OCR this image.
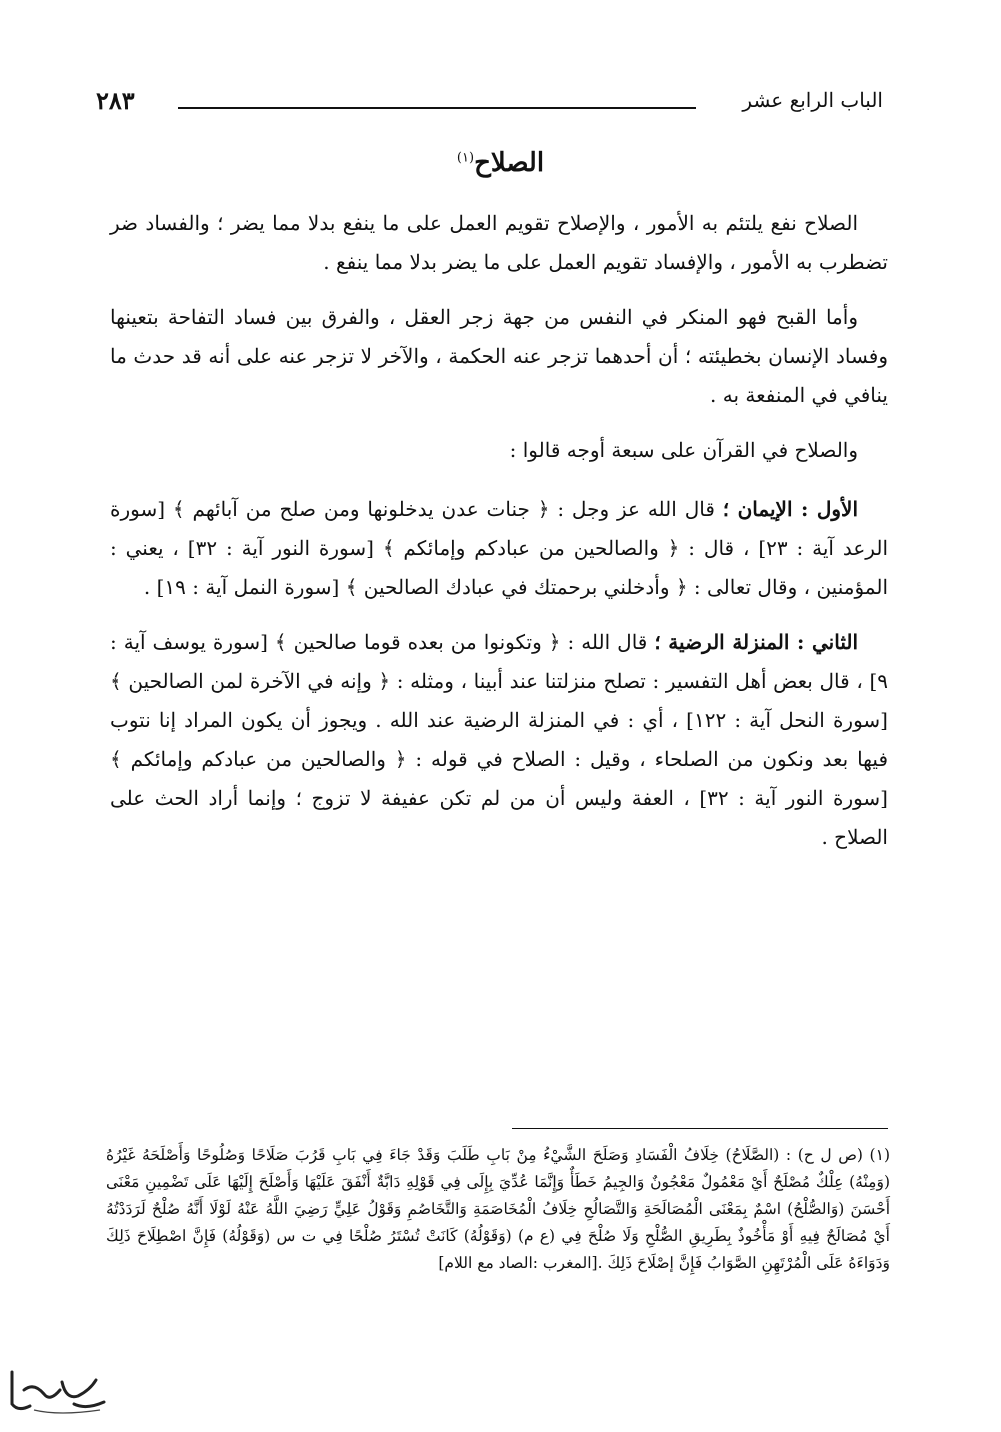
الباب الرابع عشر
٢٨٣
الصلاح$^{(١)}$

الصلاح نفع يلتئم به الأمور ، والإصلاح تقويم العمل على ما ينفع بدلا مما يضر ؛ والفساد ضر تضطرب به الأمور ، والإفساد تقويم العمل على ما يضر بدلا مما ينفع .

وأما القبح فهو المنكر في النفس من جهة زجر العقل ، والفرق بين فساد التفاحة بتعينها وفساد الإنسان بخطيئته ؛ أن أحدهما تزجر عنه الحكمة ، والآخر لا تزجر عنه على أنه قد حدث ما ينافي في المنفعة به .

والصلاح في القرآن على سبعة أوجه قالوا :

الأول : الإيمان ؛ قال الله عز وجل : ﴿ جنات عدن يدخلونها ومن صلح من آبائهم ﴾ [سورة الرعد آية : ٢٣] ، قال : ﴿ والصالحين من عبادكم وإمائكم ﴾ [سورة النور آية : ٣٢] ، يعني : المؤمنين ، وقال تعالى : ﴿ وأدخلني برحمتك في عبادك الصالحين ﴾ [سورة النمل آية : ١٩] .

الثاني : المنزلة الرضية ؛ قال الله : ﴿ وتكونوا من بعده قوما صالحين ﴾ [سورة يوسف آية : ٩] ، قال بعض أهل التفسير : تصلح منزلتنا عند أبينا ، ومثله : ﴿ وإنه في الآخرة لمن الصالحين ﴾ [سورة النحل آية : ١٢٢] ، أي : في المنزلة الرضية عند الله . ويجوز أن يكون المراد إنا نتوب فيها بعد ونكون من الصلحاء ، وقيل : الصلاح في قوله : ﴿ والصالحين من عبادكم وإمائكم ﴾ [سورة النور آية : ٣٢] ، العفة وليس أن من لم تكن عفيفة لا تزوج ؛ وإنما أراد الحث على الصلاح .

(١) (ص ل ح) : (الصَّلَاحُ) خِلَافُ الْفَسَادِ وَصَلَحَ الشَّيْءُ مِنْ بَابِ طَلَبَ وَقَدْ جَاءَ فِي بَابِ قَرُبَ صَلَاحًا وَصُلُوحًا وَأَصْلَحَهُ غَيْرُهُ (وَمِنْهُ) عِلْكٌ مُصْلَحٌ أَيْ مَعْمُولٌ مَعْجُونٌ وَالجِيمُ خَطَأٌ وَإِنَّمَا عُدِّيَ بِإِلَى فِي قَوْلِهِ دَابَّةٌ أَنْفَقَ عَلَيْهَا وَأَصْلَحَ إِلَيْهَا عَلَى تَضْمِينِ مَعْنَى أَحْسَنَ (وَالصُّلْحُ) اسْمٌ بِمَعْنَى الْمُصَالَحَةِ وَالتَّصَالُحِ خِلَافُ الْمُخَاصَمَةِ وَالتَّخَاصُمِ وَقَوْلُ عَلِيٍّ رَضِيَ اللَّهُ عَنْهُ لَوْلَا أَنَّهُ صُلْحٌ لَرَدَدْتُهُ أَيْ مُصَالَحٌ فِيهِ أَوْ مَأْخُوذٌ بِطَرِيقِ الصُّلْحِ وَلَا صُلْحَ فِي (ع م) (وَقَوْلُهُ) كَانَتْ تُسْتَرُ صُلْحًا فِي ت س (وَقَوْلُهُ) فَإِنَّ اصْطِلَاحَ ذَلِكَ وَدَوَاءَهُ عَلَى الْمُرْتَهِنِ الصَّوَابُ فَإِنَّ إصْلَاحَ ذَلِكَ .[المغرب :الصاد مع اللام]
